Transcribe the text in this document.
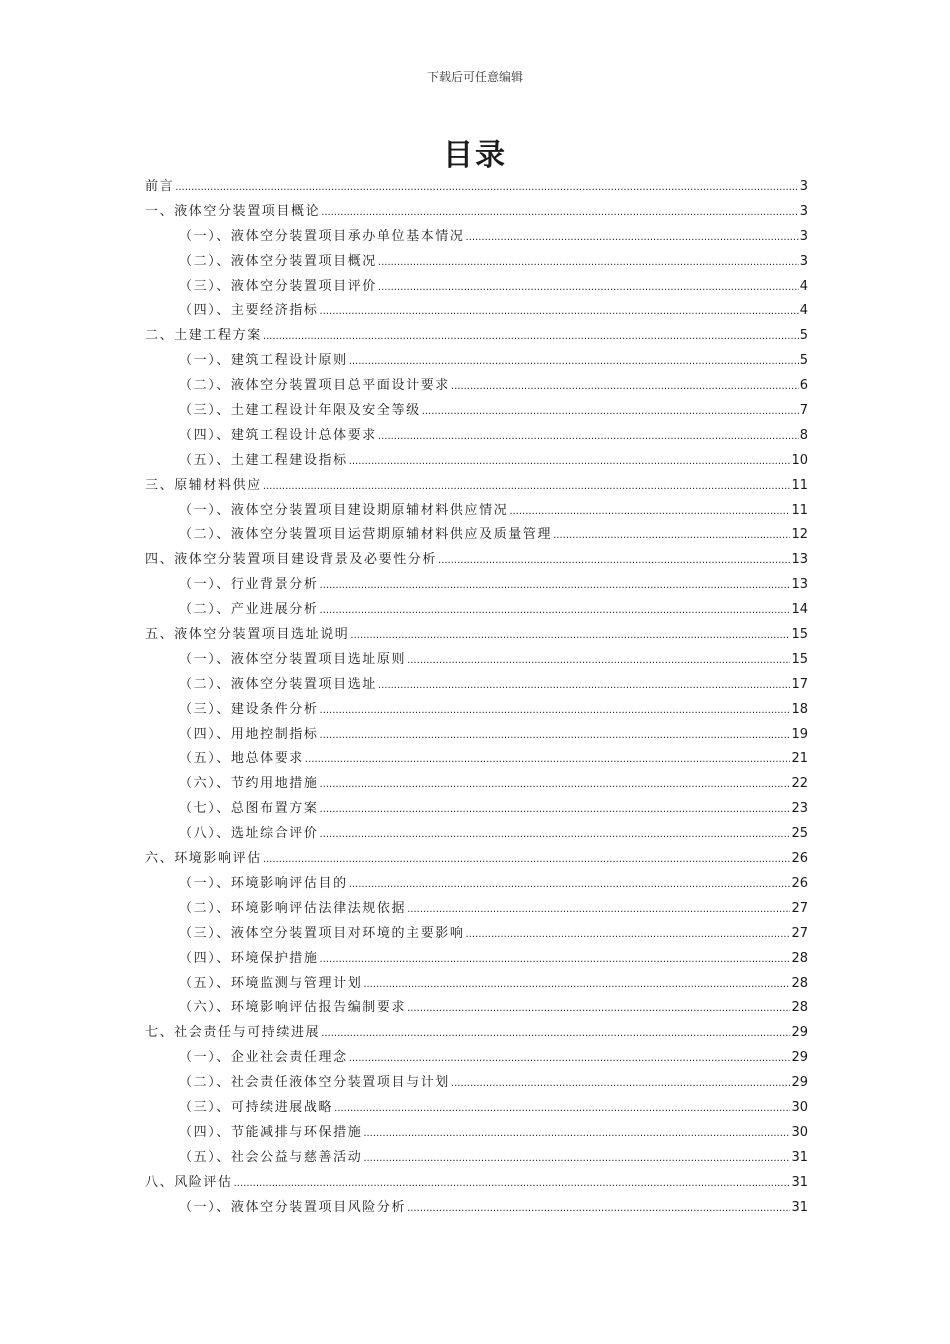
下载后可任意编辑
目录
前言 .....	3
一、液体空分装置项目概论 .....	3
（一）、液体空分装置项目承办单位基本情况 .....	3
（二）、液体空分装置项目概况 .....	3
（三）、液体空分装置项目评价 .....	4
（四）、主要经济指标 .....	4
二、土建工程方案 .....	5
（一）、建筑工程设计原则 .....	5
（二）、液体空分装置项目总平面设计要求 .....	6
（三）、土建工程设计年限及安全等级 .....	7
（四）、建筑工程设计总体要求 .....	8
（五）、土建工程建设指标 .....	10
三、原辅材料供应 .....	11
（一）、液体空分装置项目建设期原辅材料供应情况 .....	11
（二）、液体空分装置项目运营期原辅材料供应及质量管理 .....	12
四、液体空分装置项目建设背景及必要性分析 .....	13
（一）、行业背景分析 .....	13
（二）、产业进展分析 .....	14
五、液体空分装置项目选址说明 .....	15
（一）、液体空分装置项目选址原则 .....	15
（二）、液体空分装置项目选址 .....	17
（三）、建设条件分析 .....	18
（四）、用地控制指标 .....	19
（五）、地总体要求 .....	21
（六）、节约用地措施 .....	22
（七）、总图布置方案 .....	23
（八）、选址综合评价 .....	25
六、环境影响评估 .....	26
（一）、环境影响评估目的 .....	26
（二）、环境影响评估法律法规依据 .....	27
（三）、液体空分装置项目对环境的主要影响 .....	27
（四）、环境保护措施 .....	28
（五）、环境监测与管理计划 .....	28
（六）、环境影响评估报告编制要求 .....	28
七、社会责任与可持续进展 .....	29
（一）、企业社会责任理念 .....	29
（二）、社会责任液体空分装置项目与计划 .....	29
（三）、可持续进展战略 .....	30
（四）、节能减排与环保措施 .....	30
（五）、社会公益与慈善活动 .....	31
八、风险评估 .....	31
（一）、液体空分装置项目风险分析 .....	31
